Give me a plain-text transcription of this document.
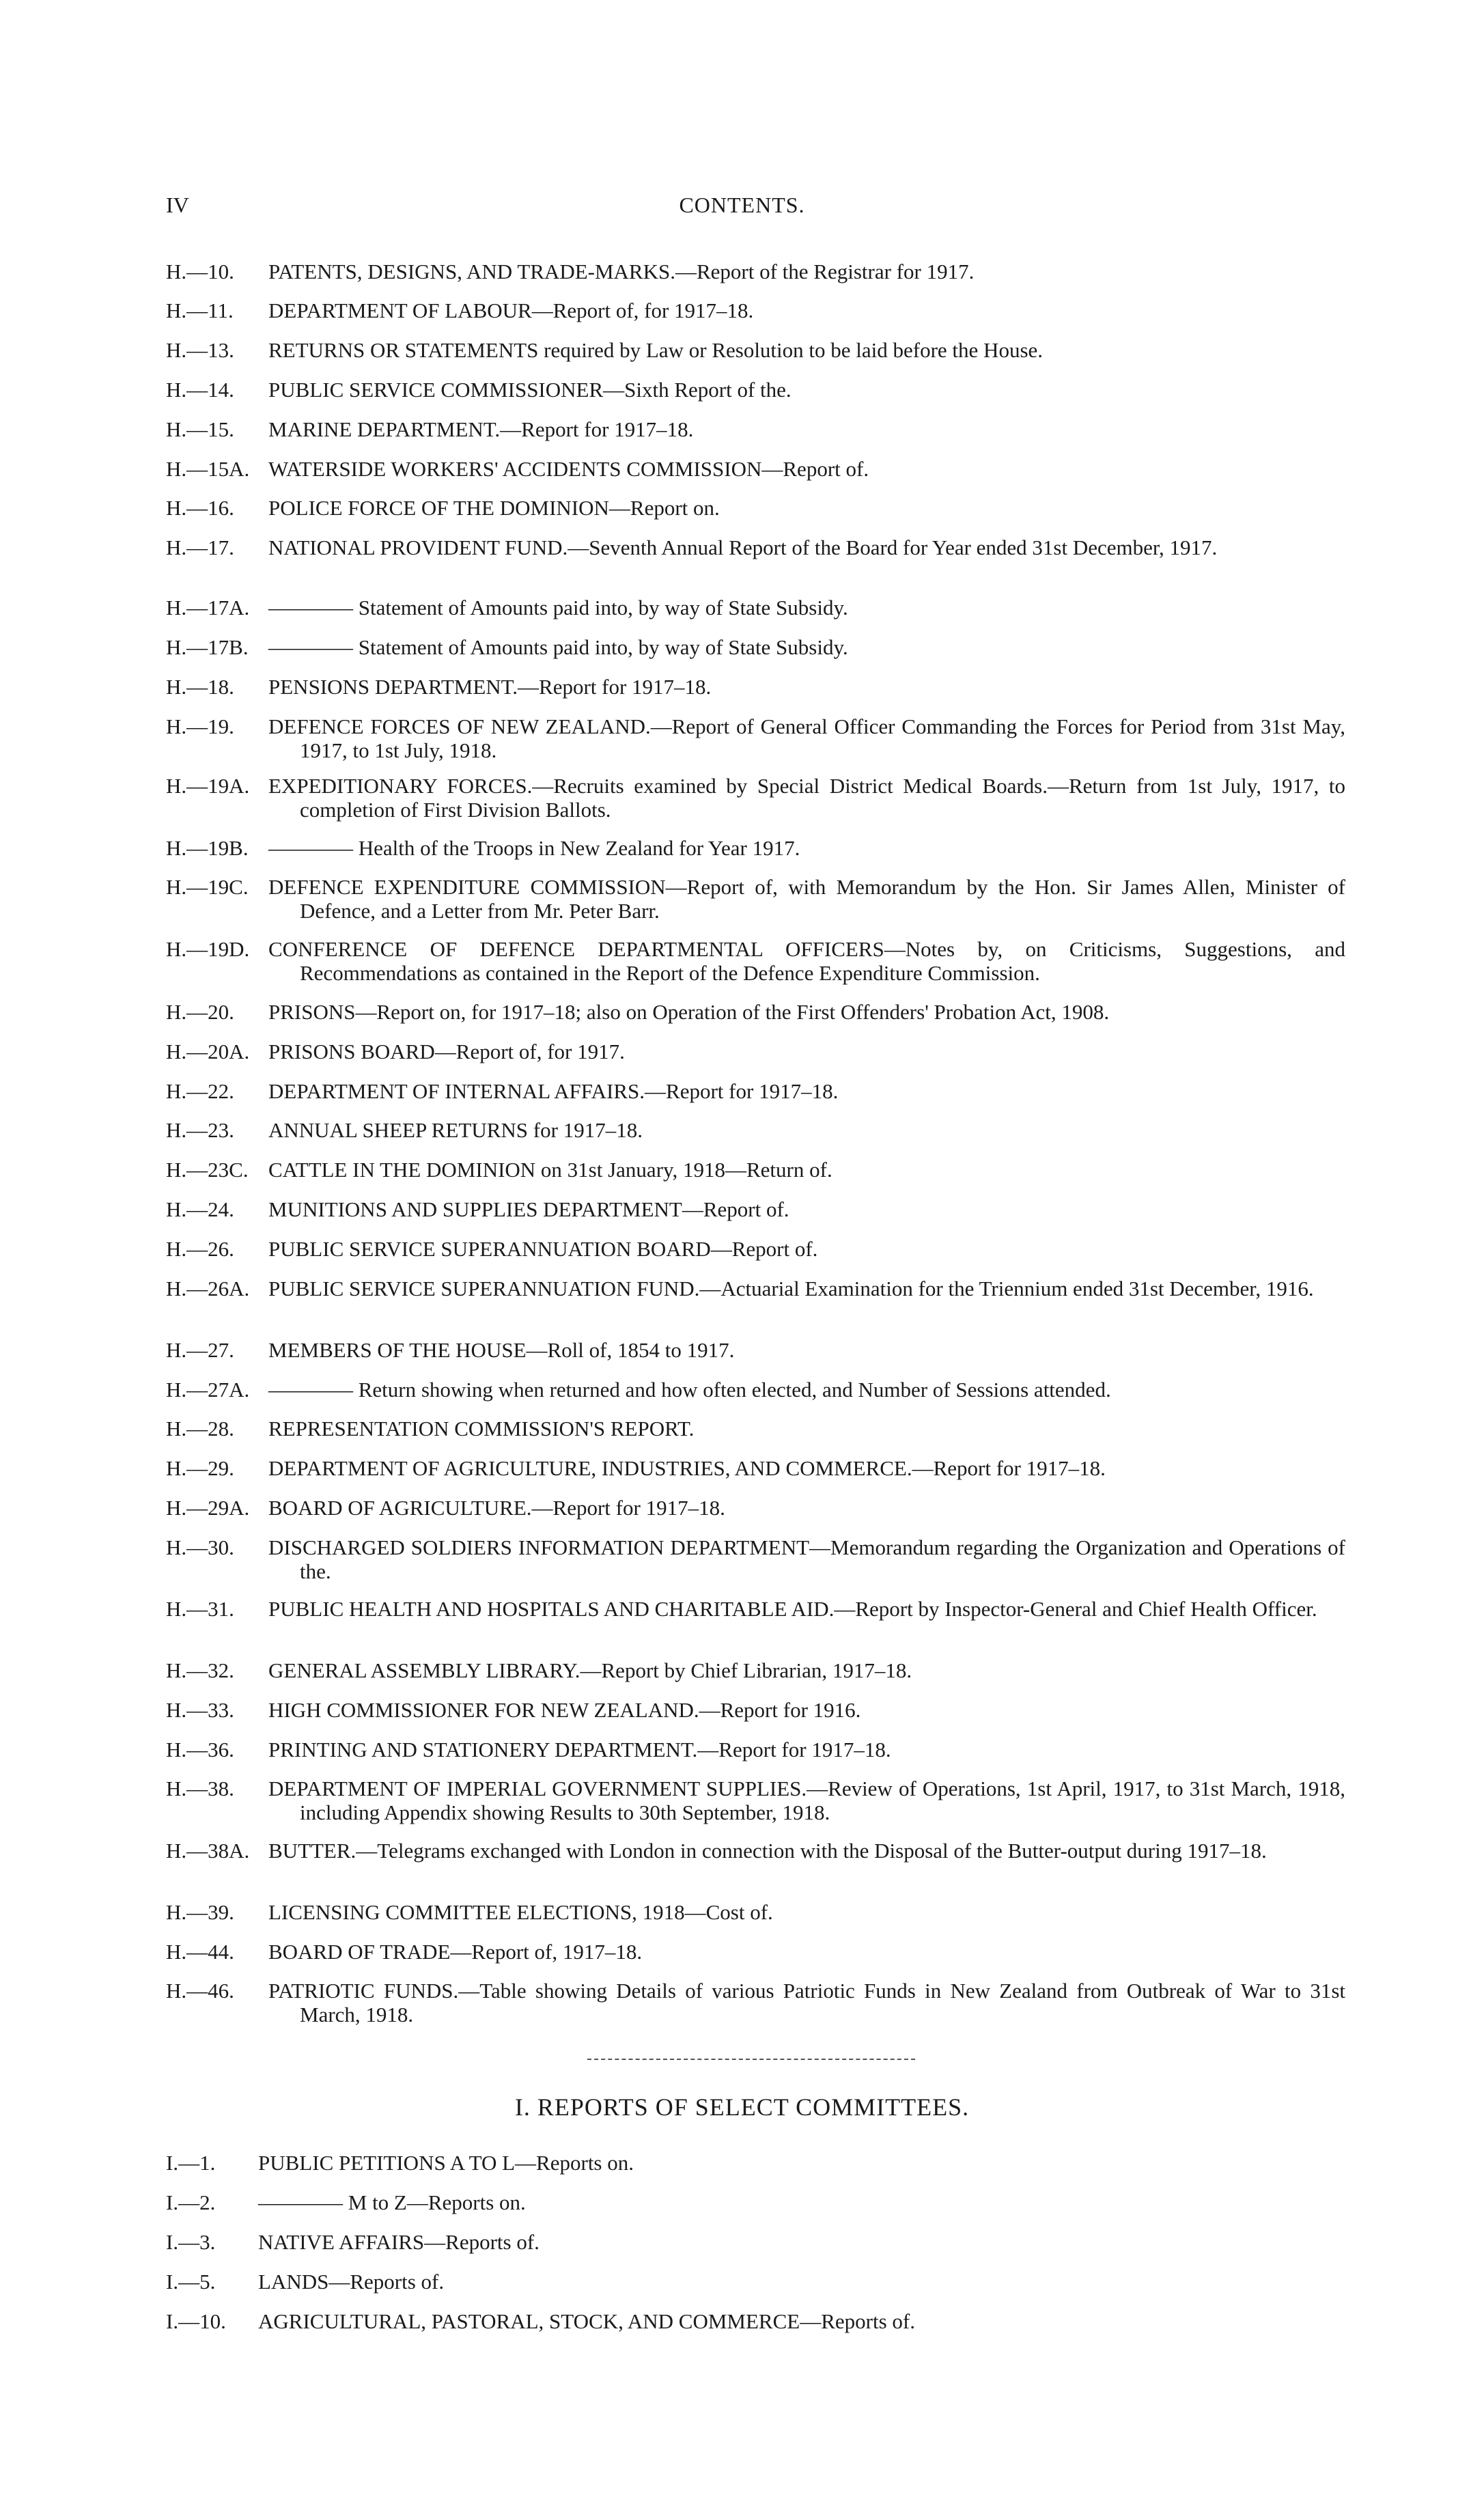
IV	CONTENTS.
H.—10.	PATENTS, DESIGNS, AND TRADE-MARKS.—Report of the Registrar for 1917.
H.—11.	DEPARTMENT OF LABOUR—Report of, for 1917–18.
H.—13.	RETURNS OR STATEMENTS required by Law or Resolution to be laid before the House.
H.—14.	PUBLIC SERVICE COMMISSIONER—Sixth Report of the.
H.—15.	MARINE DEPARTMENT.—Report for 1917–18.
H.—15A. WATERSIDE WORKERS' ACCIDENTS COMMISSION—Report of.
H.—16.	POLICE FORCE OF THE DOMINION—Report on.
H.—17.	NATIONAL PROVIDENT FUND.—Seventh Annual Report of the Board for Year ended 31st December, 1917.
H.—17A. ———— Statement of Amounts paid into, by way of State Subsidy.
H.—17B. ———— Statement of Amounts paid into, by way of State Subsidy.
H.—18.	PENSIONS DEPARTMENT.—Report for 1917–18.
H.—19.	DEFENCE FORCES OF NEW ZEALAND.—Report of General Officer Commanding the Forces for Period from 31st May, 1917, to 1st July, 1918.
H.—19A. EXPEDITIONARY FORCES.—Recruits examined by Special District Medical Boards.—Return from 1st July, 1917, to completion of First Division Ballots.
H.—19B. ———— Health of the Troops in New Zealand for Year 1917.
H.—19C. DEFENCE EXPENDITURE COMMISSION—Report of, with Memorandum by the Hon. Sir James Allen, Minister of Defence, and a Letter from Mr. Peter Barr.
H.—19D. CONFERENCE OF DEFENCE DEPARTMENTAL OFFICERS—Notes by, on Criticisms, Suggestions, and Recommendations as contained in the Report of the Defence Expenditure Commission.
H.—20.	PRISONS—Report on, for 1917–18; also on Operation of the First Offenders' Probation Act, 1908.
H.—20A. PRISONS BOARD—Report of, for 1917.
H.—22.	DEPARTMENT OF INTERNAL AFFAIRS.—Report for 1917–18.
H.—23.	ANNUAL SHEEP RETURNS for 1917–18.
H.—23C. CATTLE IN THE DOMINION on 31st January, 1918—Return of.
H.—24.	MUNITIONS AND SUPPLIES DEPARTMENT—Report of.
H.—26.	PUBLIC SERVICE SUPERANNUATION BOARD—Report of.
H.—26A. PUBLIC SERVICE SUPERANNUATION FUND.—Actuarial Examination for the Triennium ended 31st December, 1916.
H.—27.	MEMBERS OF THE HOUSE—Roll of, 1854 to 1917.
H.—27A. ———— Return showing when returned and how often elected, and Number of Sessions attended.
H.—28.	REPRESENTATION COMMISSION'S REPORT.
H.—29.	DEPARTMENT OF AGRICULTURE, INDUSTRIES, AND COMMERCE.—Report for 1917–18.
H.—29A. BOARD OF AGRICULTURE.—Report for 1917–18.
H.—30.	DISCHARGED SOLDIERS INFORMATION DEPARTMENT—Memorandum regarding the Organization and Operations of the.
H.—31.	PUBLIC HEALTH AND HOSPITALS AND CHARITABLE AID.—Report by Inspector-General and Chief Health Officer.
H.—32.	GENERAL ASSEMBLY LIBRARY.—Report by Chief Librarian, 1917–18.
H.—33.	HIGH COMMISSIONER FOR NEW ZEALAND.—Report for 1916.
H.—36.	PRINTING AND STATIONERY DEPARTMENT.—Report for 1917–18.
H.—38.	DEPARTMENT OF IMPERIAL GOVERNMENT SUPPLIES.—Review of Operations, 1st April, 1917, to 31st March, 1918, including Appendix showing Results to 30th September, 1918.
H.—38A. BUTTER.—Telegrams exchanged with London in connection with the Disposal of the Butter-output during 1917–18.
H.—39.	LICENSING COMMITTEE ELECTIONS, 1918—Cost of.
H.—44.	BOARD OF TRADE—Report of, 1917–18.
H.—46.	PATRIOTIC FUNDS.—Table showing Details of various Patriotic Funds in New Zealand from Outbreak of War to 31st March, 1918.
I. REPORTS OF SELECT COMMITTEES.
I.—1.	PUBLIC PETITIONS A TO L—Reports on.
I.—2.	———— M to Z—Reports on.
I.—3.	NATIVE AFFAIRS—Reports of.
I.—5.	LANDS—Reports of.
I.—10.	AGRICULTURAL, PASTORAL, STOCK, AND COMMERCE—Reports of.
